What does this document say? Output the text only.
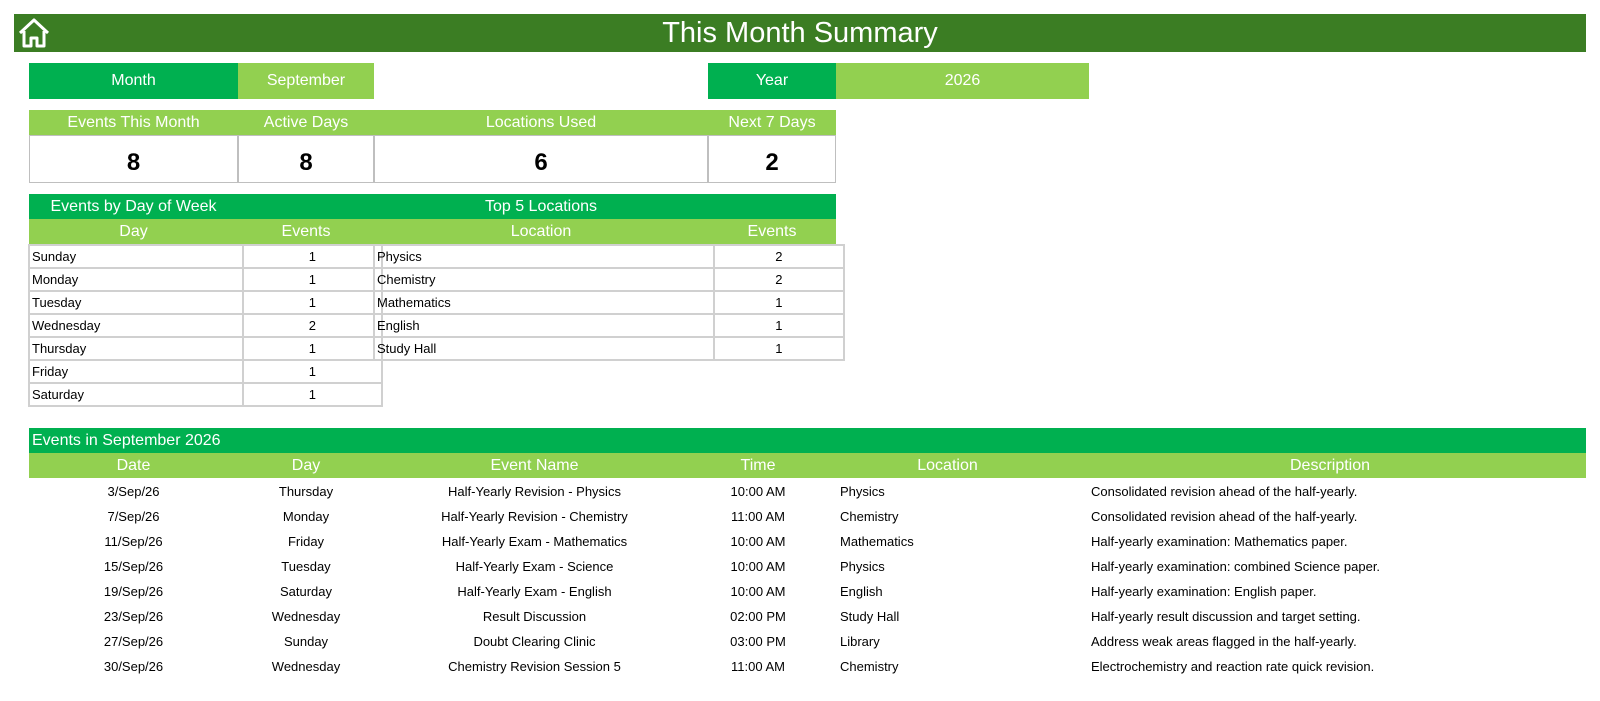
This Month Summary
Month	September	Year	2026
Events This Month	Active Days	Locations Used	Next 7 Days
8	8	6	2
Events by Day of Week	Top 5 Locations
Day	Events	Location	Events
Sunday	1
Monday	1
Tuesday	1
Wednesday	2
Thursday	1
Friday	1
Saturday	1
Physics	2
Chemistry	2
Mathematics	1
English	1
Study Hall	1
Events in September 2026
Date	Day	Event Name	Time	Location	Description
3/Sep/26	Thursday	Half-Yearly Revision - Physics	10:00 AM	Physics	Consolidated revision ahead of the half-yearly.
7/Sep/26	Monday	Half-Yearly Revision - Chemistry	11:00 AM	Chemistry	Consolidated revision ahead of the half-yearly.
11/Sep/26	Friday	Half-Yearly Exam - Mathematics	10:00 AM	Mathematics	Half-yearly examination: Mathematics paper.
15/Sep/26	Tuesday	Half-Yearly Exam - Science	10:00 AM	Physics	Half-yearly examination: combined Science paper.
19/Sep/26	Saturday	Half-Yearly Exam - English	10:00 AM	English	Half-yearly examination: English paper.
23/Sep/26	Wednesday	Result Discussion	02:00 PM	Study Hall	Half-yearly result discussion and target setting.
27/Sep/26	Sunday	Doubt Clearing Clinic	03:00 PM	Library	Address weak areas flagged in the half-yearly.
30/Sep/26	Wednesday	Chemistry Revision Session 5	11:00 AM	Chemistry	Electrochemistry and reaction rate quick revision.
